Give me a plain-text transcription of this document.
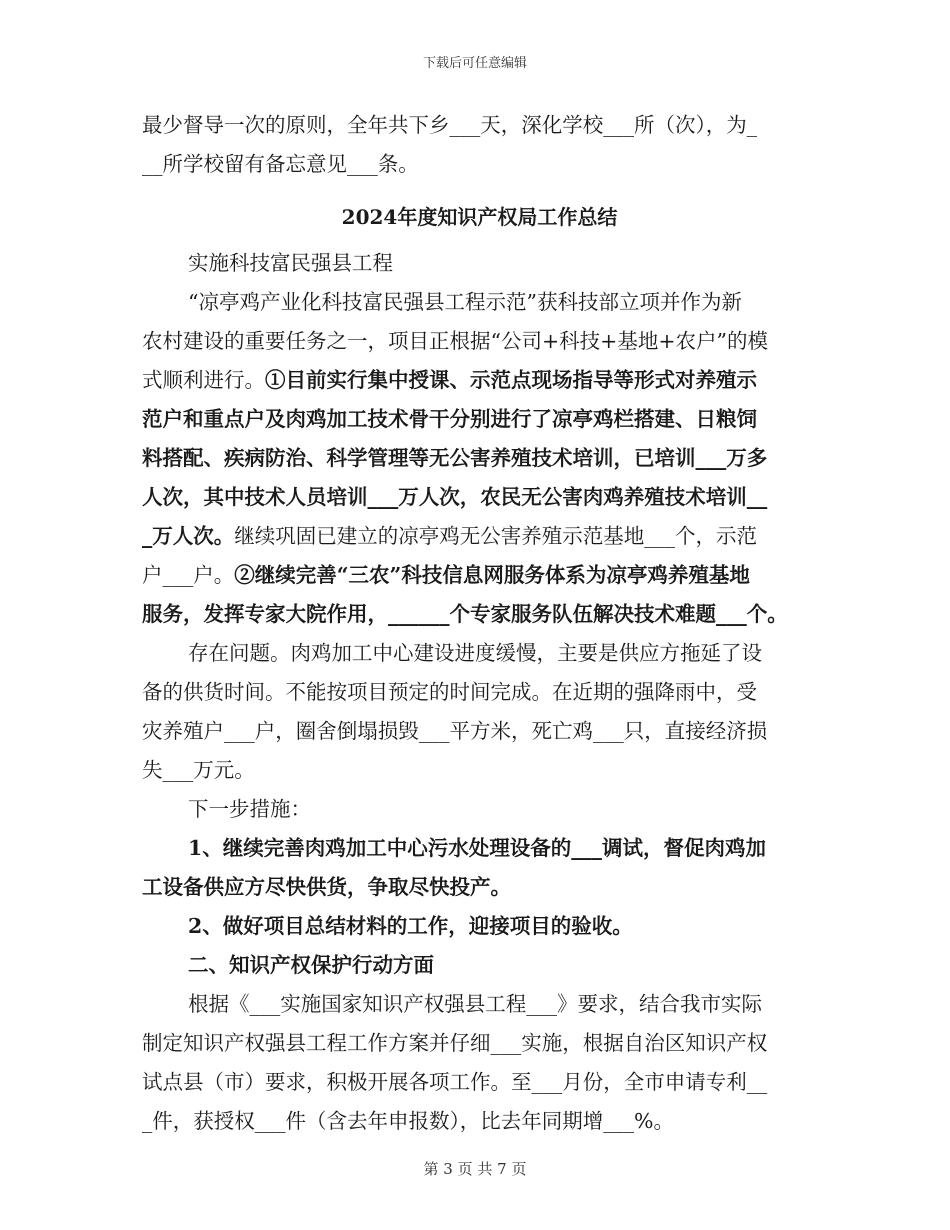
下载后可任意编辑
最少督导一次的原则，全年共下乡___天，深化学校___所（次），为_
__所学校留有备忘意见___条。
2024年度知识产权局工作总结
实施科技富民强县工程
“凉亭鸡产业化科技富民强县工程示范”获科技部立项并作为新
农村建设的重要任务之一，项目正根据“公司+科技+基地+农户”的模
式顺利进行。①目前实行集中授课、示范点现场指导等形式对养殖示
范户和重点户及肉鸡加工技术骨干分别进行了凉亭鸡栏搭建、日粮饲
料搭配、疾病防治、科学管理等无公害养殖技术培训，已培训___万多
人次，其中技术人员培训___万人次，农民无公害肉鸡养殖技术培训__
_万人次。继续巩固已建立的凉亭鸡无公害养殖示范基地___个，示范
户___户。②继续完善“三农”科技信息网服务体系为凉亭鸡养殖基地
服务，发挥专家大院作用，______个专家服务队伍解决技术难题___个。
存在问题。肉鸡加工中心建设进度缓慢，主要是供应方拖延了设
备的供货时间。不能按项目预定的时间完成。在近期的强降雨中，受
灾养殖户___户，圈舍倒塌损毁___平方米，死亡鸡___只，直接经济损
失___万元。
下一步措施：
1、继续完善肉鸡加工中心污水处理设备的___调试，督促肉鸡加
工设备供应方尽快供货，争取尽快投产。
2、做好项目总结材料的工作，迎接项目的验收。
二、知识产权保护行动方面
根据《___实施国家知识产权强县工程___》要求，结合我市实际
制定知识产权强县工程工作方案并仔细___实施，根据自治区知识产权
试点县（市）要求，积极开展各项工作。至___月份，全市申请专利__
_件，获授权___件（含去年申报数），比去年同期增___%。
第 3 页 共 7 页
